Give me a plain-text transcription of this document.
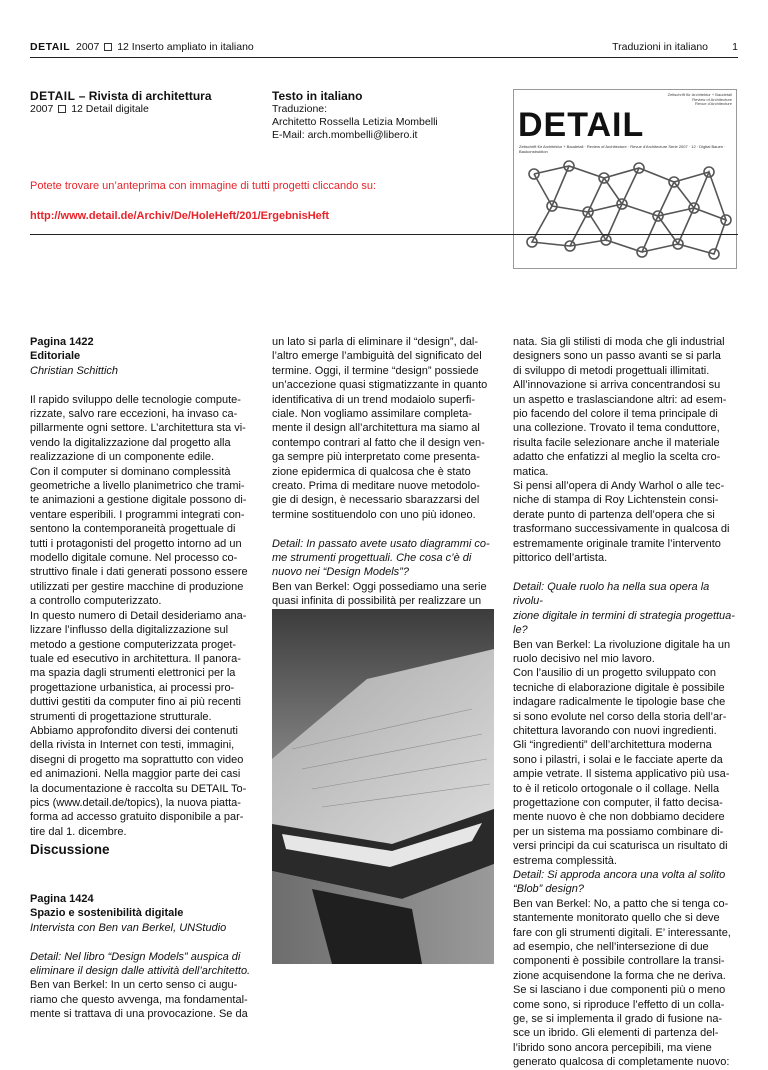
DETAIL 2007 12 Inserto ampliato in italiano	Traduzioni in italiano 1
DETAIL – Rivista di architettura
2007 12 Detail digitale
Testo in italiano
Traduzione:
Architetto Rossella Letizia Mombelli
E-Mail: arch.mombelli@libero.it
Zeitschrift für Architektur + Baudetail
Review of Architecture
Revue d'Architecture
DETAIL
Zeitschrift für Architektur + Baudetail · Review of Architecture · Revue d'Architecture Serie 2007 · 12 · Digital Bauen · Baukonstruktion
Potete trovare un’anteprima con immagine di tutti progetti cliccando su:
http://www.detail.de/Archiv/De/HoleHeft/201/ErgebnisHeft
Pagina 1422
Editoriale
Christian Schittich
Il rapido sviluppo delle tecnologie compute-
rizzate, salvo rare eccezioni, ha invaso ca-
pillarmente ogni settore. L’architettura sta vi-
vendo la digitalizzazione dal progetto alla
realizzazione di un componente edile.
Con il computer si dominano complessità
geometriche a livello planimetrico che trami-
te animazioni a gestione digitale possono di-
ventare esperibili. I programmi integrati con-
sentono la contemporaneità progettuale di
tutti i protagonisti del progetto intorno ad un
modello digitale comune. Nel processo co-
struttivo finale i dati generati possono essere
utilizzati per gestire macchine di produzione
a controllo computerizzato.
In questo numero di Detail desideriamo ana-
lizzare l’influsso della digitalizzazione sul
metodo a gestione computerizzata proget-
tuale ed esecutivo in architettura. Il panora-
ma spazia dagli strumenti elettronici per la
progettazione urbanistica, ai processi pro-
duttivi gestiti da computer fino ai più recenti
strumenti di progettazione strutturale.
Abbiamo approfondito diversi dei contenuti
della rivista in Internet con testi, immagini,
disegni di progetto ma soprattutto con video
ed animazioni. Nella maggior parte dei casi
la documentazione è raccolta su DETAIL To-
pics (www.detail.de/topics), la nuova piatta-
forma ad accesso gratuito disponibile a par-
tire dal 1. dicembre.
Discussione
Pagina 1424
Spazio e sostenibilità digitale
Intervista con Ben van Berkel, UNStudio
Detail: Nel libro “Design Models” auspica di
eliminare il design dalle attività dell’architetto.
Ben van Berkel: In un certo senso ci augu-
riamo che questo avvenga, ma fondamental-
mente si trattava di una provocazione. Se da
un lato si parla di eliminare il “design”, dal-
l’altro emerge l’ambiguità del significato del
termine. Oggi, il termine “design” possiede
un’accezione quasi stigmatizzante in quanto
identificativa di un trend modaiolo superfi-
ciale. Non vogliamo assimilare completa-
mente il design all’architettura ma siamo al
contempo contrari al fatto che il design ven-
ga sempre più interpretato come presenta-
zione epidermica di qualcosa che è stato
creato. Prima di meditare nuove metodolo-
gie di design, è necessario sbarazzarsi del
termine sostituendolo con uno più idoneo.
Detail: In passato avete usato diagrammi co-
me strumenti progettuali. Che cosa c’è di
nuovo nei “Design Models”?
Ben van Berkel: Oggi possediamo una serie
quasi infinita di possibilità per realizzare un
nata. Sia gli stilisti di moda che gli industrial
designers sono un passo avanti se si parla
di sviluppo di metodi progettuali illimitati.
All’innovazione si arriva concentrandosi su
un aspetto e traslasciandone altri: ad esem-
pio facendo del colore il tema principale di
una collezione. Trovato il tema conduttore,
risulta facile selezionare anche il materiale
adatto che enfatizzi al meglio la scelta cro-
matica.
Si pensi all’opera di Andy Warhol o alle tec-
niche di stampa di Roy Lichtenstein consi-
derate punto di partenza dell’opera che si
trasformano successivamente in qualcosa di
estremamente originale tramite l’intervento
pittorico dell’artista.
Detail: Quale ruolo ha nella sua opera la rivolu-
zione digitale in termini di strategia progettua-
le?
Ben van Berkel: La rivoluzione digitale ha un
ruolo decisivo nel mio lavoro.
Con l’ausilio di un progetto sviluppato con
tecniche di elaborazione digitale è possibile
indagare radicalmente le tipologie base che
si sono evolute nel corso della storia dell’ar-
chitettura lavorando con nuovi ingredienti.
Gli “ingredienti” dell’architettura moderna
sono i pilastri, i solai e le facciate aperte da
ampie vetrate. Il sistema applicativo più usa-
to è il reticolo ortogonale o il collage. Nella
progettazione con computer, il fatto decisa-
mente nuovo è che non dobbiamo decidere
per un sistema ma possiamo combinare di-
versi principi da cui scaturisca un risultato di
estrema complessità.
Detail: Si approda ancora una volta al solito
“Blob” design?
Ben van Berkel: No, a patto che si tenga co-
stantemente monitorato quello che si deve
fare con gli strumenti digitali. E’ interessante,
ad esempio, che nell’intersezione di due
componenti è possibile controllare la transi-
zione acquisendone la forma che ne deriva.
Se si lasciano i due componenti più o meno
come sono, si riproduce l’effetto di un colla-
ge, se si implementa il grado di fusione na-
sce un ibrido. Gli elementi di partenza del-
l’ibrido sono ancora percepibili, ma viene
generato qualcosa di completamente nuovo:
